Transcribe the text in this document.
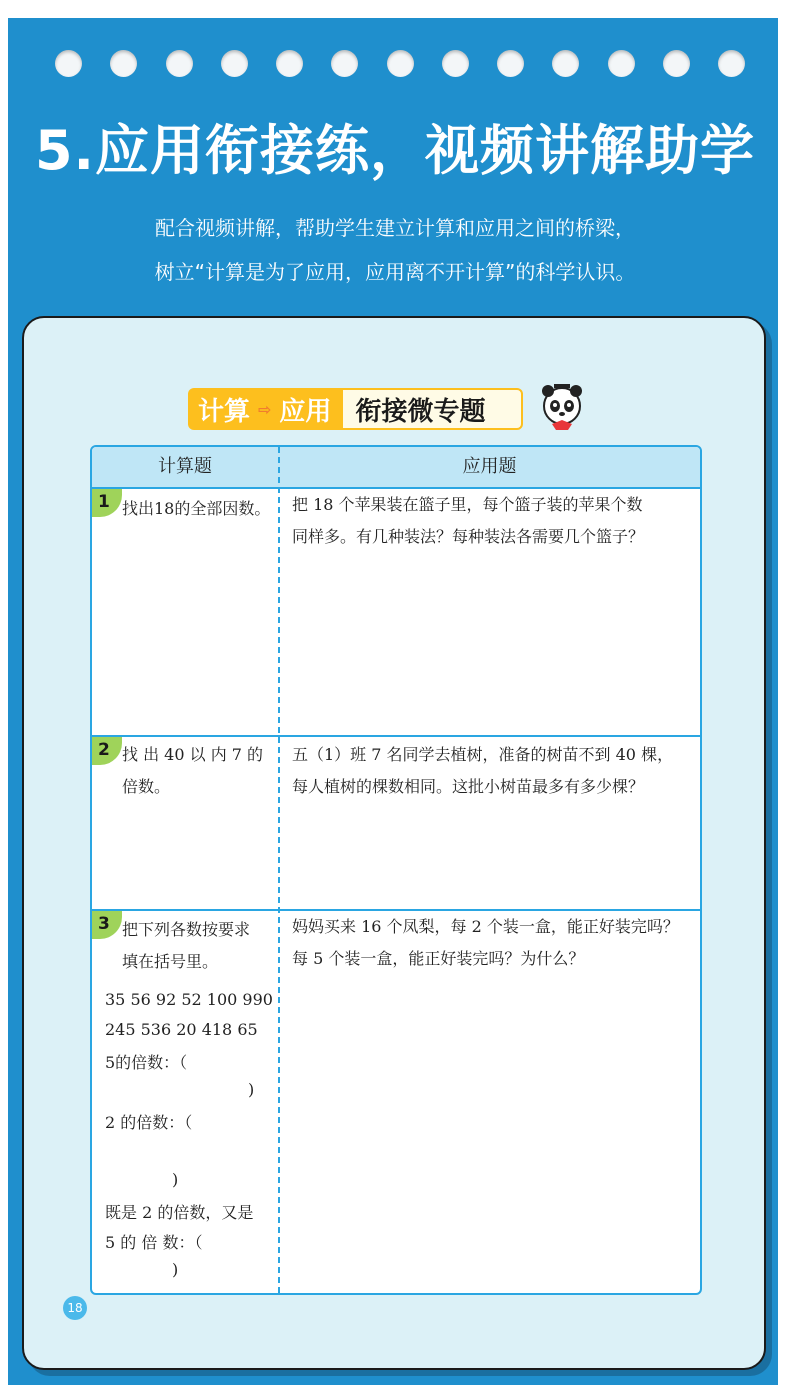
5.应用衔接练，视频讲解助学
配合视频讲解，帮助学生建立计算和应用之间的桥梁，
树立“计算是为了应用，应用离不开计算”的科学认识。
计算 ⇨ 应用 衔接微专题
计算题	应用题
1 找出18的全部因数。	把 18 个苹果装在篮子里，每个篮子装的苹果个数
同样多。有几种装法？每种装法各需要几个篮子？
2 找 出 40 以 内 7 的
倍数。
五（1）班 7 名同学去植树，准备的树苗不到 40 棵，
每人植树的棵数相同。这批小树苗最多有多少棵？
3 把下列各数按要求
填在括号里。
35 56 92 52 100 990
245 536 20 418 65
5的倍数：（
)
2 的倍数：（
)
既是 2 的倍数，又是
5 的 倍 数：（
)
妈妈买来 16 个凤梨，每 2 个装一盒，能正好装完吗？
每 5 个装一盒，能正好装完吗？为什么？
18
